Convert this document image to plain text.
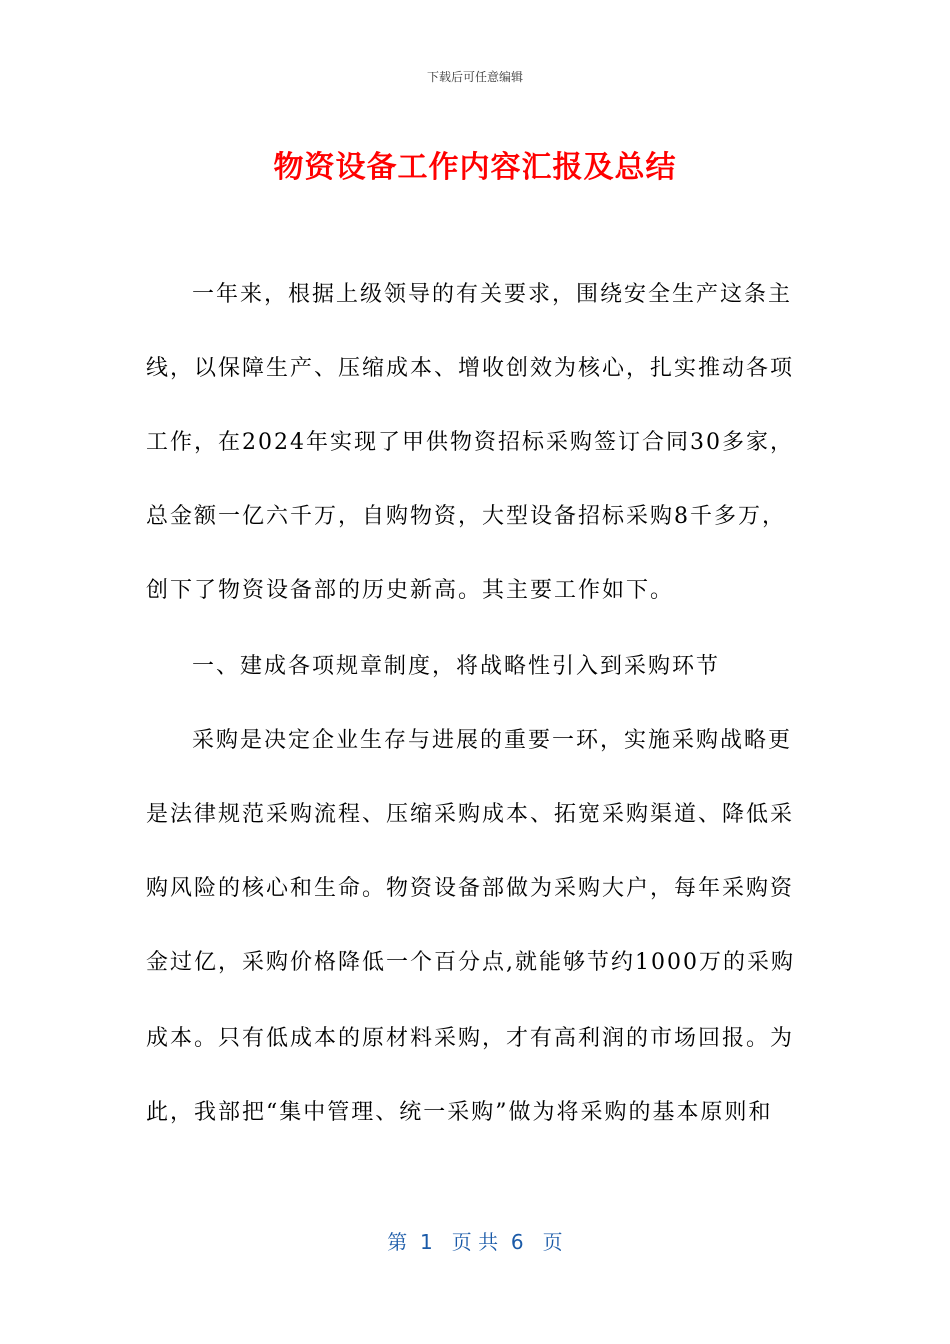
下载后可任意编辑
物资设备工作内容汇报及总结
一年来，根据上级领导的有关要求，围绕安全生产这条主
线，以保障生产、压缩成本、增收创效为核心，扎实推动各项
工作，在2024年实现了甲供物资招标采购签订合同30多家，
总金额一亿六千万，自购物资，大型设备招标采购8千多万，
创下了物资设备部的历史新高。其主要工作如下。
一、建成各项规章制度，将战略性引入到采购环节
采购是决定企业生存与进展的重要一环，实施采购战略更
是法律规范采购流程、压缩采购成本、拓宽采购渠道、降低采
购风险的核心和生命。物资设备部做为采购大户，每年采购资
金过亿，采购价格降低一个百分点,就能够节约1000万的采购
成本。只有低成本的原材料采购，才有高利润的市场回报。为
此，我部把“集中管理、统一采购”做为将采购的基本原则和
第  1   页 共  6   页
